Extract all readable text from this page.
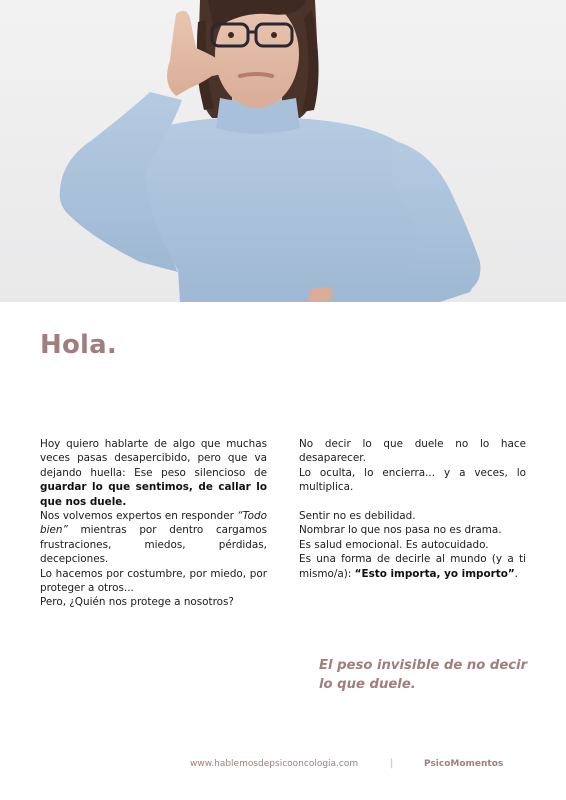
Hola.

Hoy quiero hablarte de algo que muchas veces pasas desapercibido, pero que va dejando huella: Ese peso silencioso de guardar lo que sentimos, de callar lo que nos duele.

Nos volvemos expertos en responder “Todo bien” mientras por dentro cargamos frustraciones, miedos, pérdidas, decepciones.

Lo hacemos por costumbre, por miedo, por proteger a otros...

Pero, ¿Quién nos protege a nosotros?

No decir lo que duele no lo hace desaparecer.

Lo oculta, lo encierra... y a veces, lo multiplica.

Sentir no es debilidad.

Nombrar lo que nos pasa no es drama.

Es salud emocional. Es autocuidado.

Es una forma de decirle al mundo (y a ti mismo/a): “Esto importa, yo importo”.

El peso invisible de no decir
lo que duele.
www.hablemosdepsicooncologia.com	|	PsicoMomentos
